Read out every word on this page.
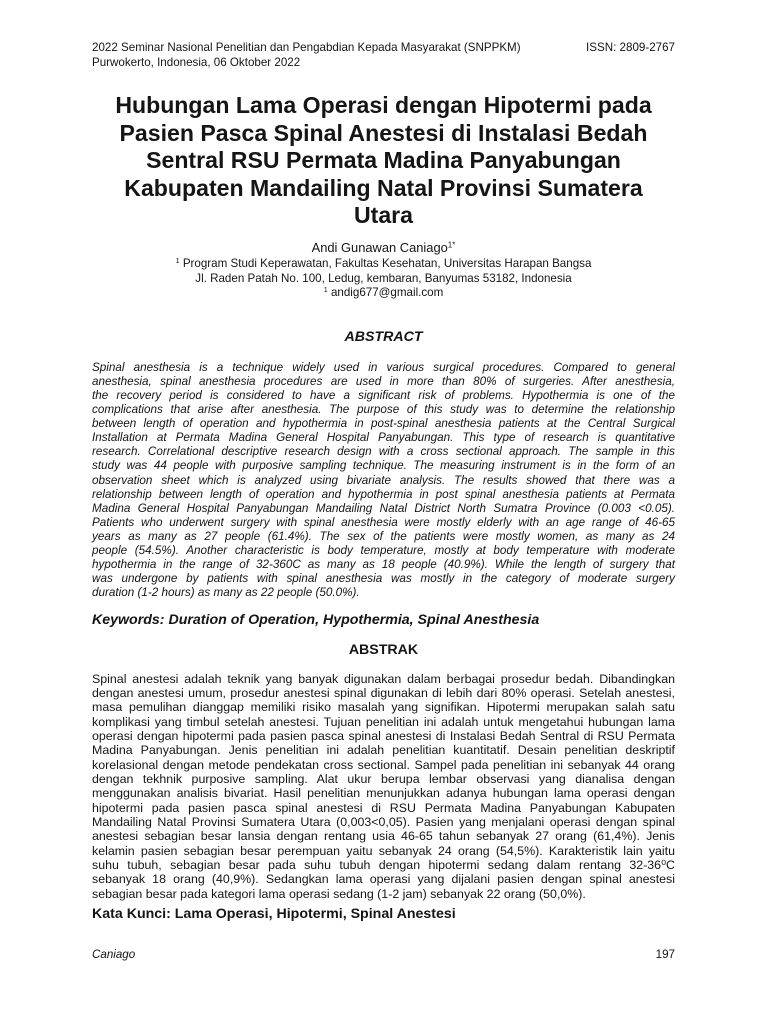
2022 Seminar Nasional Penelitian dan Pengabdian Kepada Masyarakat (SNPPKM)	ISSN: 2809-2767
Purwokerto, Indonesia, 06 Oktober 2022
Hubungan Lama Operasi dengan Hipotermi pada
Pasien Pasca Spinal Anestesi di Instalasi Bedah
Sentral RSU Permata Madina Panyabungan
Kabupaten Mandailing Natal Provinsi Sumatera
Utara
Andi Gunawan Caniago$^{1*}$
$^1$ Program Studi Keperawatan, Fakultas Kesehatan, Universitas Harapan Bangsa
Jl. Raden Patah No. 100, Ledug, kembaran, Banyumas 53182, Indonesia
$^1$ andig677@gmail.com
ABSTRACT
Spinal anesthesia is a technique widely used in various surgical procedures. Compared to general
anesthesia, spinal anesthesia procedures are used in more than 80% of surgeries. After anesthesia,
the recovery period is considered to have a significant risk of problems. Hypothermia is one of the
complications that arise after anesthesia. The purpose of this study was to determine the relationship
between length of operation and hypothermia in post-spinal anesthesia patients at the Central Surgical
Installation at Permata Madina General Hospital Panyabungan. This type of research is quantitative
research. Correlational descriptive research design with a cross sectional approach. The sample in this
study was 44 people with purposive sampling technique. The measuring instrument is in the form of an
observation sheet which is analyzed using bivariate analysis. The results showed that there was a
relationship between length of operation and hypothermia in post spinal anesthesia patients at Permata
Madina General Hospital Panyabungan Mandailing Natal District North Sumatra Province (0.003 <0.05).
Patients who underwent surgery with spinal anesthesia were mostly elderly with an age range of 46-65
years as many as 27 people (61.4%). The sex of the patients were mostly women, as many as 24
people (54.5%). Another characteristic is body temperature, mostly at body temperature with moderate
hypothermia in the range of 32-360C as many as 18 people (40.9%). While the length of surgery that
was undergone by patients with spinal anesthesia was mostly in the category of moderate surgery
duration (1-2 hours) as many as 22 people (50.0%).
Keywords: Duration of Operation, Hypothermia, Spinal Anesthesia
ABSTRAK
Spinal anestesi adalah teknik yang banyak digunakan dalam berbagai prosedur bedah. Dibandingkan
dengan anestesi umum, prosedur anestesi spinal digunakan di lebih dari 80% operasi. Setelah anestesi,
masa pemulihan dianggap memiliki risiko masalah yang signifikan. Hipotermi merupakan salah satu
komplikasi yang timbul setelah anestesi. Tujuan penelitian ini adalah untuk mengetahui hubungan lama
operasi dengan hipotermi pada pasien pasca spinal anestesi di Instalasi Bedah Sentral di RSU Permata
Madina Panyabungan. Jenis penelitian ini adalah penelitian kuantitatif. Desain penelitian deskriptif
korelasional dengan metode pendekatan cross sectional. Sampel pada penelitian ini sebanyak 44 orang
dengan tekhnik purposive sampling. Alat ukur berupa lembar observasi yang dianalisa dengan
menggunakan analisis bivariat. Hasil penelitian menunjukkan adanya hubungan lama operasi dengan
hipotermi pada pasien pasca spinal anestesi di RSU Permata Madina Panyabungan Kabupaten
Mandailing Natal Provinsi Sumatera Utara (0,003<0,05). Pasien yang menjalani operasi dengan spinal
anestesi sebagian besar lansia dengan rentang usia 46-65 tahun sebanyak 27 orang (61,4%). Jenis
kelamin pasien sebagian besar perempuan yaitu sebanyak 24 orang (54,5%). Karakteristik lain yaitu
suhu tubuh, sebagian besar pada suhu tubuh dengan hipotermi sedang dalam rentang 32-36⁰C
sebanyak 18 orang (40,9%). Sedangkan lama operasi yang dijalani pasien dengan spinal anestesi
sebagian besar pada kategori lama operasi sedang (1-2 jam) sebanyak 22 orang (50,0%).
Kata Kunci: Lama Operasi, Hipotermi, Spinal Anestesi
Caniago	197
